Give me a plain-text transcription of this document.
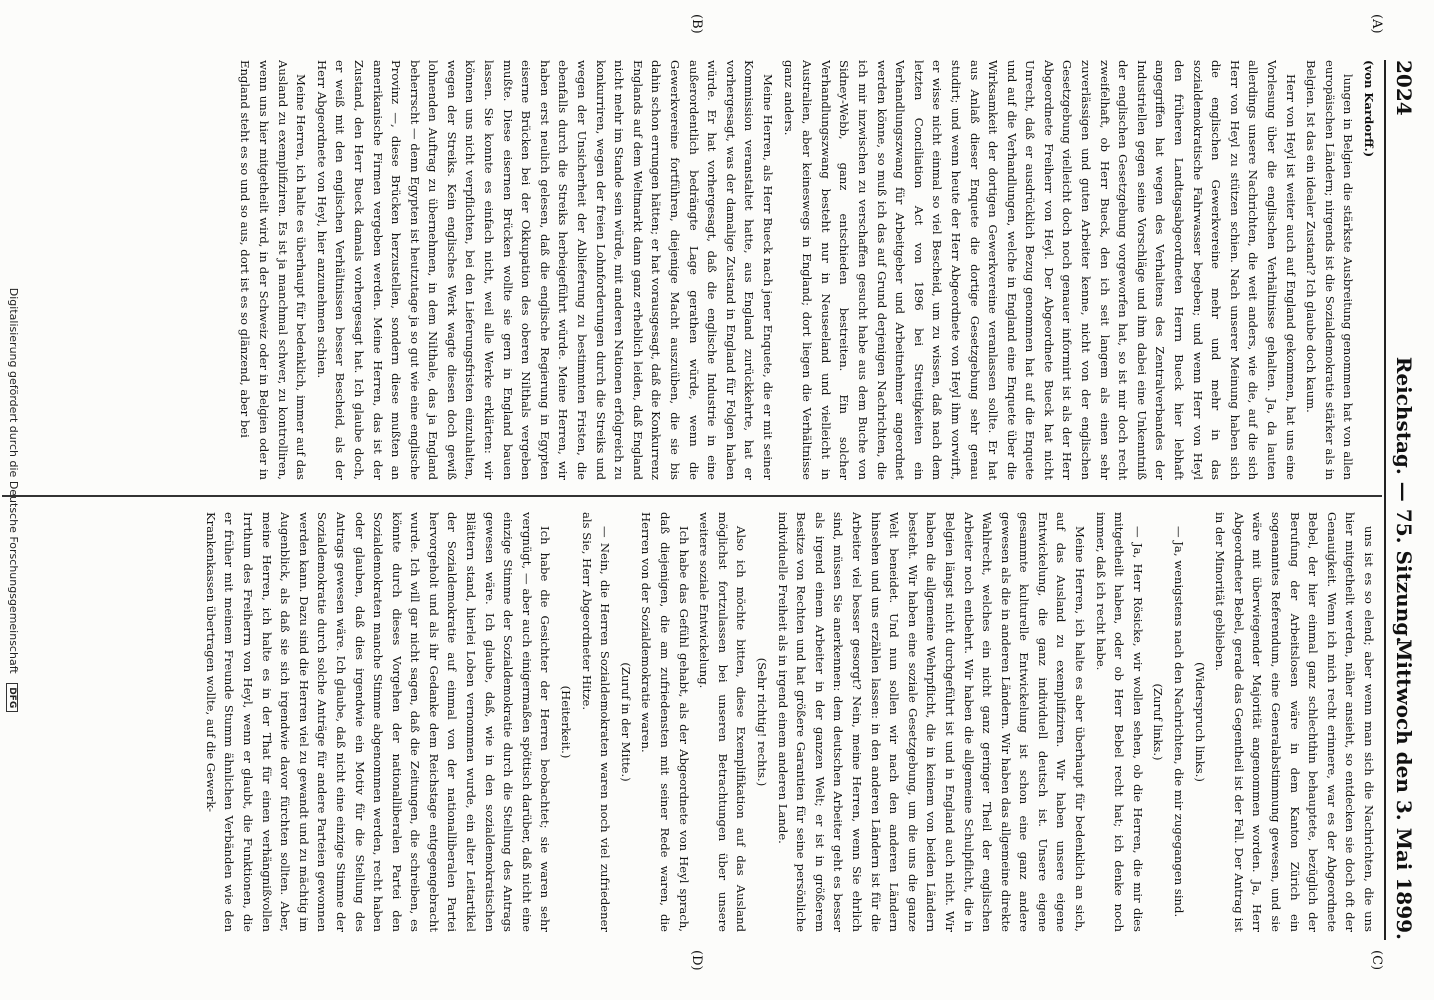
2024
Reichstag. — 75. Sitzung.
Mittwoch den 3. Mai 1899.
(A)
(B)
(C)
(D)

(von Kardorff.)

lungen in Belgien die stärkste Ausbreitung genommen hat von allen europäischen Ländern; nirgends ist die Sozialdemokratie stärker als in Belgien. Ist das ein idealer Zustand? Ich glaube doch kaum.

Herr von Heyl ist weiter auch auf England gekommen, hat uns eine Vorlesung über die englischen Verhältnisse gehalten. Ja, da lauten allerdings unsere Nachrichten, die weit anders, wie die, auf die sich Herr von Heyl zu stützen schien. Nach unserer Meinung haben sich die englischen Gewerkvereine mehr und mehr in das sozialdemokratische Fahrwasser begeben; und wenn Herr von Heyl den früheren Landtagsabgeordneten Herrn Bueck hier lebhaft angegriffen hat wegen des Verhaltens des Zentralverbandes der Industriellen gegen seine Vorschläge und ihm dabei eine Unkenntniß der englischen Gesetzgebung vorgeworfen hat, so ist mir doch recht zweifelhaft, ob Herr Bueck, den ich seit langem als einen sehr zuverlässigen und guten Arbeiter kenne, nicht von der englischen Gesetzgebung vielleicht doch noch genauer informirt ist als der Herr Abgeordnete Freiherr von Heyl. Der Abgeordnete Bueck hat nicht Unrecht, daß er ausdrücklich Bezug genommen hat auf die Enquete und auf die Verhandlungen, welche in England eine Enquete über die Wirksamkeit der dortigen Gewerkvereine veranlassen sollte. Er hat aus Anlaß dieser Enquete die dortige Gesetzgebung sehr genau studirt; und wenn heute der Herr Abgeordnete von Heyl ihm vorwirft, er wisse nicht einmal so viel Bescheid, um zu wissen, daß nach dem letzten Conciliation Act von 1896 bei Streitigkeiten ein Verhandlungszwang für Arbeitgeber und Arbeitnehmer angeordnet werden könne, so muß ich das auf Grund derjenigen Nachrichten, die ich mir inzwischen zu verschaffen gesucht habe aus dem Buche von Sidney-Webb, ganz entschieden bestreiten. Ein solcher Verhandlungszwang besteht nur in Neuseeland und vielleicht in Australien, aber keineswegs in England; dort liegen die Verhältnisse ganz anders.

Meine Herren, als Herr Bueck nach jener Enquete, die er mit seiner Kommission veranstaltet hatte, aus England zurückkehrte, hat er vorhergesagt, was der damalige Zustand in England für Folgen haben würde. Er hat vorhergesagt, daß die englische Industrie in eine außerordentlich bedrängte Lage gerathen würde, wenn die Gewerkvereine fortführen, diejenige Macht auszuüben, die sie bis dahin schon errungen hätten; er hat vorausgesagt, daß die Konkurrenz Englands auf dem Weltmarkt dann ganz erheblich leiden, daß England nicht mehr im Stande sein würde, mit anderen Nationen erfolgreich zu konkurriren, wegen der freien Lohnforderungen durch die Streiks und wegen der Unsicherheit der Ablieferung zu bestimmten Fristen, die ebenfalls durch die Streiks herbeigeführt würde. Meine Herren, wir haben erst neulich gelesen, daß die englische Regierung in Egypten eiserne Brücken bei der Okkupation des oberen Nilthals vergeben mußte. Diese eisernen Brücken wollte sie gern in England bauen lassen. Sie konnte es einfach nicht, weil alle Werke erklärten: wir können uns nicht verpflichten, bei den Lieferungsfristen einzuhalten, wegen der Streiks. Kein englisches Werk wagte diesen doch gewiß lohnenden Auftrag zu übernehmen, in dem Nilthale, das ja England beherrscht — denn Egypten ist heutzutage ja so gut wie eine englische Provinz —, diese Brücken herzustellen, sondern diese mußten an amerikanische Firmen vergeben werden. Meine Herren, das ist der Zustand, den Herr Bueck damals vorhergesagt hat. Ich glaube doch, er weiß mit den englischen Verhältnissen besser Bescheid, als der Herr Abgeordnete von Heyl, hier anzunehmen schien.

Meine Herren, ich halte es überhaupt für bedenklich, immer auf das Ausland zu exemplifiziren. Es ist ja manchmal schwer, zu kontrolliren, wenn uns hier mitgetheilt wird, in der Schweiz oder in Belgien oder in England steht es so und so aus, dort ist es so glänzend, aber bei

uns ist es so elend; aber wenn man sich die Nachrichten, die uns hier mitgetheilt werden, näher ansieht, so entdecken sie doch oft der Genauigkeit. Wenn ich mich recht erinnere, war es der Abgeordnete Bebel, der hier einmal ganz schlechthin behauptete, bezüglich der Berufung der Arbeitslosen wäre in dem Kanton Zürich ein sogenanntes Referendum, eine Generalabstimmung gewesen, und sie wäre mit überwiegender Majorität angenommen worden. Ja, Herr Abgeordneter Bebel, gerade das Gegentheil ist der Fall. Der Antrag ist in der Minorität geblieben.

(Widerspruch links.)

— Ja, wenigstens nach den Nachrichten, die mir zugegangen sind.

(Zuruf links.)

— Ja, Herr Rösicke, wir wollen sehen, ob die Herren, die mir dies mitgetheilt haben, oder ob Herr Bebel recht hat; ich denke noch immer, daß ich recht habe.

Meine Herren, ich halte es aber überhaupt für bedenklich an sich, auf das Ausland zu exemplifiziren. Wir haben unsere eigene Entwickelung, die ganz individuell deutsch ist. Unsere eigene gesammte kulturelle Entwickelung ist schon eine ganz andere gewesen als die in anderen Ländern. Wir haben das allgemeine direkte Wahlrecht, welches ein nicht ganz geringer Theil der englischen Arbeiter noch entbehrt. Wir haben die allgemeine Schulpflicht, die in Belgien längst nicht durchgeführt ist und in England auch nicht. Wir haben die allgemeine Wehrpflicht, die in keinem von beiden Ländern besteht. Wir haben eine soziale Gesetzgebung, um die uns die ganze Welt beneidet. Und nun sollen wir nach den anderen Ländern hinsehen und uns erzählen lassen: in den anderen Ländern ist für die Arbeiter viel besser gesorgt? Nein, meine Herren, wenn Sie ehrlich sind, müssen Sie anerkennen: dem deutschen Arbeiter geht es besser als irgend einem Arbeiter in der ganzen Welt; er ist in größerem Besitze von Rechten und hat größere Garantien für seine persönliche individuelle Freiheit als in irgend einem anderen Lande.

(Sehr richtig! rechts.)

Also ich möchte bitten, diese Exemplifikation auf das Ausland möglichst fortzulassen bei unseren Betrachtungen über unsere weitere soziale Entwickelung.

Ich habe das Gefühl gehabt, als der Abgeordnete von Heyl sprach, daß diejenigen, die am zufriedensten mit seiner Rede waren, die Herren von der Sozialdemokratie waren.

(Zuruf in der Mitte.)

— Nein, die Herren Sozialdemokraten waren noch viel zufriedener als Sie, Herr Abgeordneter Hitze.

(Heiterkeit.)

Ich habe die Gesichter der Herren beobachtet; sie waren sehr vergnügt, — aber auch einigermaßen spöttisch darüber, daß nicht eine einzige Stimme der Sozialdemokratie durch die Stellung des Antrags gewesen wäre. Ich glaube, daß, wie in den sozialdemokratischen Blättern stand, hierlei Loben vernommen wurde, ein alter Leitartikel der Sozialdemokratie auf einmal von der nationalliberalen Partei hervorgeholt und als ihr Gedanke dem Reichstage entgegengebracht wurde. Ich will gar nicht sagen, daß die Zeitungen, die schreiben, es könnte durch dieses Vorgehen der nationalliberalen Partei den Sozialdemokraten manche Stimme abgenommen werden, recht haben oder glauben, daß dies irgendwie ein Motiv für die Stellung des Antrags gewesen wäre. Ich glaube, daß nicht eine einzige Stimme der Sozialdemokratie durch solche Anträge für andere Parteien gewonnen werden kann. Dazu sind die Herren viel zu gewandt und zu mächtig im Augenblick, als daß sie sich irgendwie davor fürchten sollten. Aber, meine Herren, ich halte es in der That für einen verhängnißvollen Irrthum des Freiherrn von Heyl, wenn er glaubt, die Funktionen, die er früher mit meinem Freunde Stumm ähnlichen Verbänden wie den Krankenkassen übertragen wollte, auf die Gewerk-

Digitalisierung gefördert durch die Deutsche Forschungsgemeinschaft DFG
